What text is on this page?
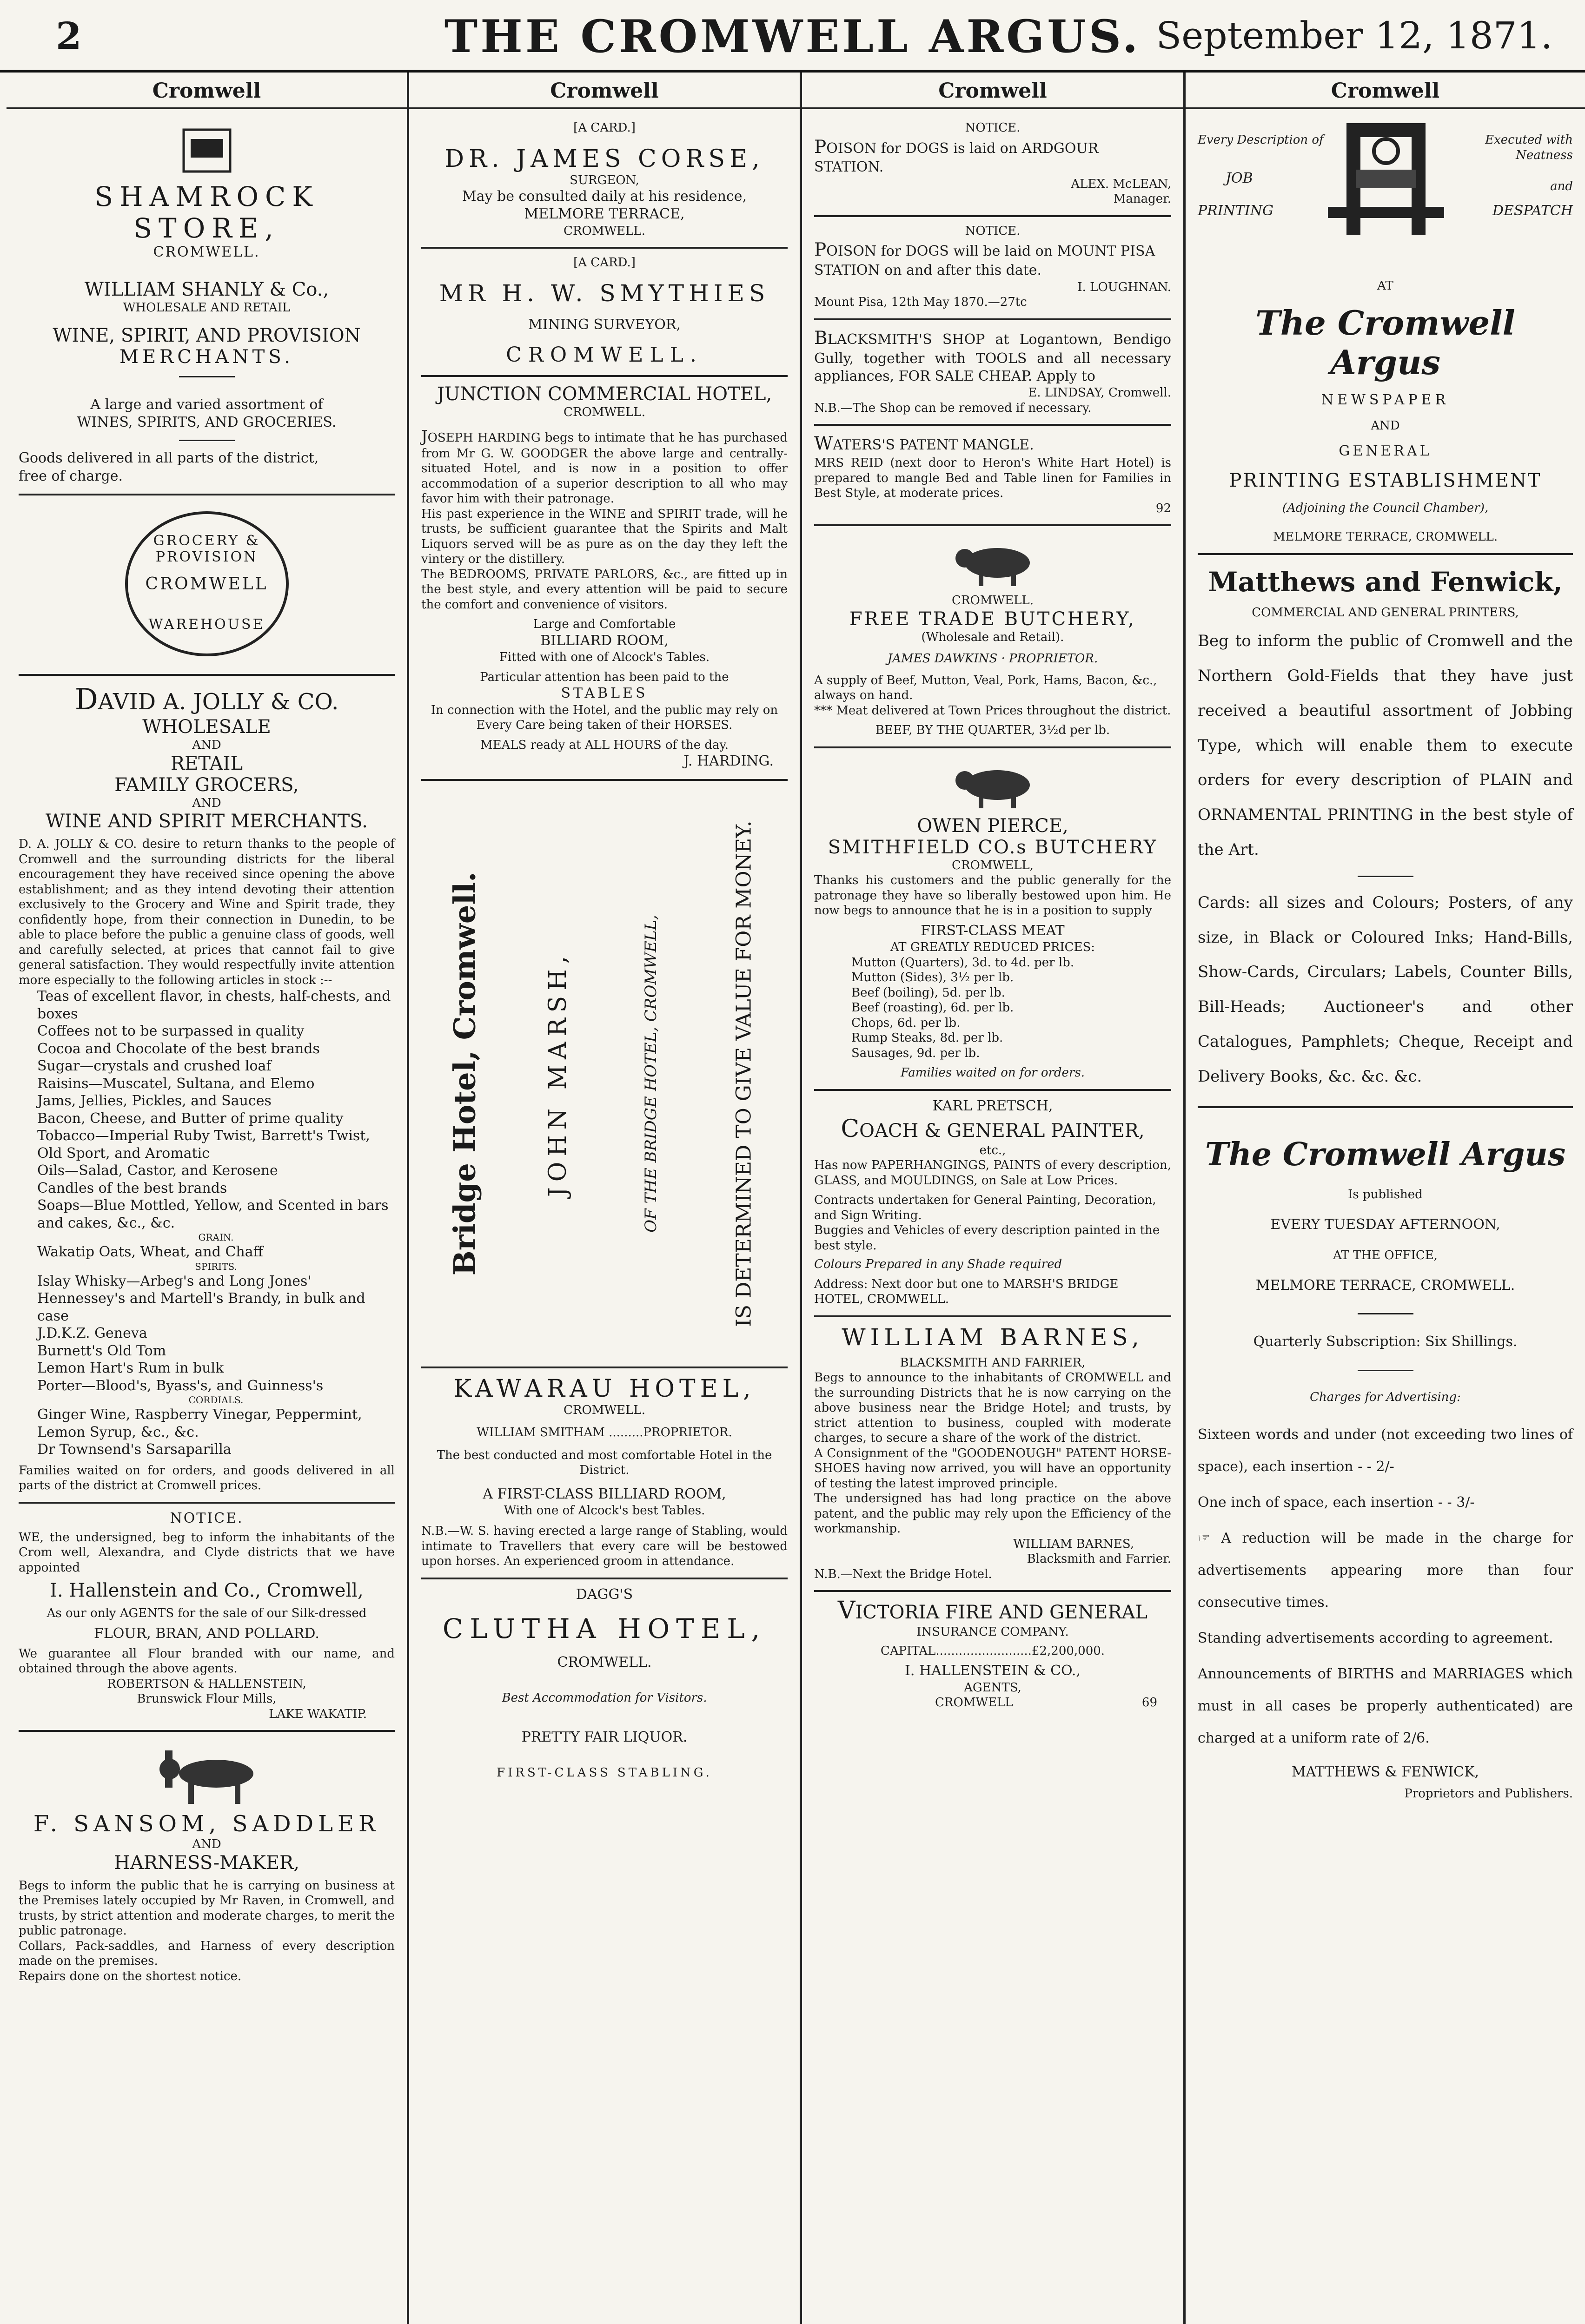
2	THE CROMWELL ARGUS. September 12, 1871.
Cromwell
SHAMROCK STORE,
CROMWELL.
WILLIAM SHANLY & Co.,
WHOLESALE AND RETAIL
WINE, SPIRIT, AND PROVISION
MERCHANTS.
A large and varied assortment of
WINES, SPIRITS, AND GROCERIES.
Goods delivered in all parts of the district,
free of charge.
GROCERY & PROVISION
CROMWELL
WAREHOUSE
DAVID A. JOLLY & CO.
WHOLESALE
AND
RETAIL
FAMILY GROCERS,
AND
WINE AND SPIRIT MERCHANTS.
D. A. JOLLY & CO. desire to return thanks to the people of Cromwell and the surrounding districts for the liberal encouragement they have received since opening the above establishment; and as they intend devoting their attention exclusively to the Grocery and Wine and Spirit trade, they confidently hope, from their connection in Dunedin, to be able to place before the public a genuine class of goods, well and carefully selected, at prices that cannot fail to give general satisfaction. They would respectfully invite attention more especially to the following articles in stock :--
Teas of excellent flavor, in chests, half-chests, and boxes
Coffees not to be surpassed in quality
Cocoa and Chocolate of the best brands
Sugar—crystals and crushed loaf
Raisins—Muscatel, Sultana, and Elemo
Jams, Jellies, Pickles, and Sauces
Bacon, Cheese, and Butter of prime quality
Tobacco—Imperial Ruby Twist, Barrett's Twist, Old Sport, and Aromatic
Oils—Salad, Castor, and Kerosene
Candles of the best brands
Soaps—Blue Mottled, Yellow, and Scented in bars and cakes, &c., &c.
GRAIN.
Wakatip Oats, Wheat, and Chaff
SPIRITS.
Islay Whisky—Arbeg's and Long Jones'
Hennessey's and Martell's Brandy, in bulk and case
J.D.K.Z. Geneva
Burnett's Old Tom
Lemon Hart's Rum in bulk
Porter—Blood's, Byass's, and Guinness's
CORDIALS.
Ginger Wine, Raspberry Vinegar, Peppermint, Lemon Syrup, &c., &c.
Dr Townsend's Sarsaparilla
Families waited on for orders, and goods delivered in all parts of the district at Cromwell prices.
NOTICE.
WE, the undersigned, beg to inform the inhabitants of the Crom well, Alexandra, and Clyde districts that we have appointed
I. Hallenstein and Co., Cromwell,
As our only AGENTS for the sale of our Silk-dressed
FLOUR, BRAN, AND POLLARD.
We guarantee all Flour branded with our name, and obtained through the above agents.
ROBERTSON & HALLENSTEIN,
Brunswick Flour Mills,
LAKE WAKATIP.
F. SANSOM, SADDLER
AND
HARNESS-MAKER,
Begs to inform the public that he is carrying on business at the Premises lately occupied by Mr Raven, in Cromwell, and trusts, by strict attention and moderate charges, to merit the public patronage.
Collars, Pack-saddles, and Harness of every description made on the premises.
Repairs done on the shortest notice.
Cromwell
[A CARD.]
DR. JAMES CORSE,
SURGEON,
May be consulted daily at his residence,
MELMORE TERRACE,
CROMWELL.
[A CARD.]
MR H. W. SMYTHIES
MINING SURVEYOR,
CROMWELL.
JUNCTION COMMERCIAL HOTEL,
CROMWELL.
JOSEPH HARDING begs to intimate that he has purchased from Mr G. W. GOODGER the above large and centrally-situated Hotel, and is now in a position to offer accommodation of a superior description to all who may favor him with their patronage.
His past experience in the WINE and SPIRIT trade, will he trusts, be sufficient guarantee that the Spirits and Malt Liquors served will be as pure as on the day they left the vintery or the distillery.
The BEDROOMS, PRIVATE PARLORS, &c., are fitted up in the best style, and every attention will be paid to secure the comfort and convenience of visitors.
Large and Comfortable
BILLIARD ROOM,
Fitted with one of Alcock's Tables.
Particular attention has been paid to the
STABLES
In connection with the Hotel, and the public may rely on
Every Care being taken of their HORSES.
MEALS ready at ALL HOURS of the day.
J. HARDING.
Bridge Hotel, Cromwell.	JOHN MARSH,	OF THE BRIDGE HOTEL, CROMWELL,	IS DETERMINED TO GIVE VALUE FOR MONEY.
KAWARAU HOTEL,
CROMWELL.
WILLIAM SMITHAM .........PROPRIETOR.
The best conducted and most comfortable Hotel in the District.
A FIRST-CLASS BILLIARD ROOM,
With one of Alcock's best Tables.
N.B.—W. S. having erected a large range of Stabling, would intimate to Travellers that every care will be bestowed upon horses. An experienced groom in attendance.
DAGG'S
CLUTHA HOTEL,
CROMWELL.
Best Accommodation for Visitors.
PRETTY FAIR LIQUOR.
FIRST-CLASS STABLING.
Cromwell
NOTICE.
POISON for DOGS is laid on ARDGOUR STATION.
ALEX. McLEAN,
Manager.
NOTICE.
POISON for DOGS will be laid on MOUNT PISA STATION on and after this date.
I. LOUGHNAN.
Mount Pisa, 12th May 1870.—27tc
BLACKSMITH'S SHOP at Logantown, Bendigo Gully, together with TOOLS and all necessary appliances, FOR SALE CHEAP. Apply to
E. LINDSAY, Cromwell.
N.B.—The Shop can be removed if necessary.
WATERS'S PATENT MANGLE.
MRS REID (next door to Heron's White Hart Hotel) is prepared to mangle Bed and Table linen for Families in Best Style, at moderate prices.
92
CROMWELL.
FREE TRADE BUTCHERY,
(Wholesale and Retail).
JAMES DAWKINS · PROPRIETOR.
A supply of Beef, Mutton, Veal, Pork, Hams, Bacon, &c., always on hand.
*** Meat delivered at Town Prices throughout the district.
BEEF, BY THE QUARTER, 3½d per lb.
OWEN PIERCE,
SMITHFIELD CO.s BUTCHERY
CROMWELL,
Thanks his customers and the public generally for the patronage they have so liberally bestowed upon him. He now begs to announce that he is in a position to supply
FIRST-CLASS MEAT
AT GREATLY REDUCED PRICES:
Mutton (Quarters), 3d. to 4d. per lb.
Mutton (Sides), 3½ per lb.
Beef (boiling), 5d. per lb.
Beef (roasting), 6d. per lb.
Chops, 6d. per lb.
Rump Steaks, 8d. per lb.
Sausages, 9d. per lb.
Families waited on for orders.
KARL PRETSCH,
COACH & GENERAL PAINTER,
etc.,
Has now PAPERHANGINGS, PAINTS of every description, GLASS, and MOULDINGS, on Sale at Low Prices.
Contracts undertaken for General Painting, Decoration, and Sign Writing.
Buggies and Vehicles of every description painted in the best style.
Colours Prepared in any Shade required
Address: Next door but one to MARSH'S BRIDGE HOTEL, CROMWELL.
WILLIAM BARNES,
BLACKSMITH AND FARRIER,
Begs to announce to the inhabitants of CROMWELL and the surrounding Districts that he is now carrying on the above business near the Bridge Hotel; and trusts, by strict attention to business, coupled with moderate charges, to secure a share of the work of the district.
A Consignment of the "GOODENOUGH" PATENT HORSE-SHOES having now arrived, you will have an opportunity of testing the latest improved principle.
The undersigned has had long practice on the above patent, and the public may rely upon the Efficiency of the workmanship.
WILLIAM BARNES,
Blacksmith and Farrier.
N.B.—Next the Bridge Hotel.
VICTORIA FIRE AND GENERAL
INSURANCE COMPANY.
CAPITAL.........................£2,200,000.
I. HALLENSTEIN & CO.,
AGENTS,
CROMWELL	69
Cromwell
Every Description of
JOB
PRINTING
Executed with Neatness
and
DESPATCH
AT
The Cromwell Argus
NEWSPAPER
AND
GENERAL
PRINTING ESTABLISHMENT
(Adjoining the Council Chamber),
MELMORE TERRACE, CROMWELL.
Matthews and Fenwick,
COMMERCIAL AND GENERAL PRINTERS,
Beg to inform the public of Cromwell and the Northern Gold-Fields that they have just received a beautiful assortment of Jobbing Type, which will enable them to execute orders for every description of PLAIN and ORNAMENTAL PRINTING in the best style of the Art.
Cards: all sizes and Colours; Posters, of any size, in Black or Coloured Inks; Hand-Bills, Show-Cards, Circulars; Labels, Counter Bills, Bill-Heads; Auctioneer's and other Catalogues, Pamphlets; Cheque, Receipt and Delivery Books, &c. &c. &c.
The Cromwell Argus
Is published
EVERY TUESDAY AFTERNOON,
AT THE OFFICE,
MELMORE TERRACE, CROMWELL.
Quarterly Subscription: Six Shillings.
Charges for Advertising:
Sixteen words and under (not exceeding two lines of space), each insertion - - 2/-
One inch of space, each insertion - - 3/-
☞ A reduction will be made in the charge for advertisements appearing more than four consecutive times.
Standing advertisements according to agreement.
Announcements of BIRTHS and MARRIAGES which must in all cases be properly authenticated) are charged at a uniform rate of 2/6.
MATTHEWS & FENWICK,
Proprietors and Publishers.
